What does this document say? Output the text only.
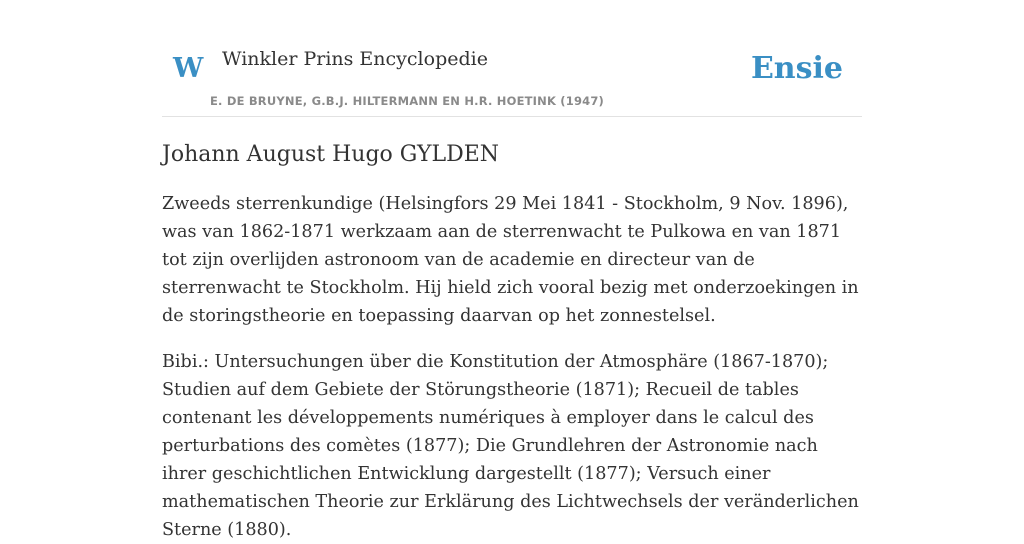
W Winkler Prins Encyclopedie
E. DE BRUYNE, G.B.J. HILTERMANN EN H.R. HOETINK (1947)
Ensie
Johann August Hugo GYLDEN

Zweeds sterrenkundige (Helsingfors 29 Mei 1841 - Stockholm, 9 Nov. 1896), was van 1862-1871 werkzaam aan de sterrenwacht te Pulkowa en van 1871 tot zijn overlijden astronoom van de academie en directeur van de sterrenwacht te Stockholm. Hij hield zich vooral bezig met onderzoekingen in de storingstheorie en toepassing daarvan op het zonnestelsel.

Bibi.: Untersuchungen über die Konstitution der Atmosphäre (1867-1870); Studien auf dem Gebiete der Störungstheorie (1871); Recueil de tables contenant les développements numériques à employer dans le calcul des perturbations des comètes (1877); Die Grundlehren der Astronomie nach ihrer geschichtlichen Entwicklung dargestellt (1877); Versuch einer mathematischen Theorie zur Erklärung des Lichtwechsels der veränderlichen Sterne (1880).
